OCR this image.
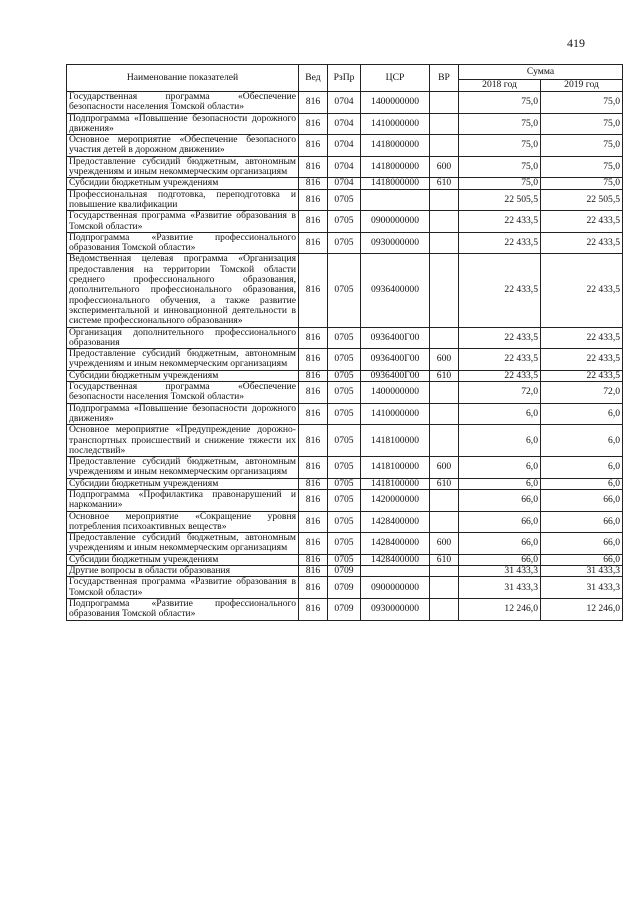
419
Наименование показателей	Вед	РзПр	ЦСР	ВР	Сумма	
					2018 год	2019 год
Государственная программа «Обеспечение безопасности населения Томской области»	816	0704	1400000000		75,0	75,0
Подпрограмма «Повышение безопасности дорожного движения»	816	0704	1410000000		75,0	75,0
Основное мероприятие «Обеспечение безопасного участия детей в дорожном движении»	816	0704	1418000000		75,0	75,0
Предоставление субсидий бюджетным, автономным учреждениям и иным некоммерческим организациям	816	0704	1418000000	600	75,0	75,0
Субсидии бюджетным учреждениям	816	0704	1418000000	610	75,0	75,0
Профессиональная подготовка, переподготовка и повышение квалификации	816	0705			22 505,5	22 505,5
Государственная программа «Развитие образования в Томской области»	816	0705	0900000000		22 433,5	22 433,5
Подпрограмма «Развитие профессионального образования Томской области»	816	0705	0930000000		22 433,5	22 433,5
Ведомственная целевая программа «Организация предоставления на территории Томской области среднего профессионального образования, дополнительного профессионального образования, профессионального обучения, а также развитие экспериментальной и инновационной деятельности в системе профессионального образования»	816	0705	0936400000		22 433,5	22 433,5
Организация дополнительного профессионального образования	816	0705	0936400Г00		22 433,5	22 433,5
Предоставление субсидий бюджетным, автономным учреждениям и иным некоммерческим организациям	816	0705	0936400Г00	600	22 433,5	22 433,5
Субсидии бюджетным учреждениям	816	0705	0936400Г00	610	22 433,5	22 433,5
Государственная программа «Обеспечение безопасности населения Томской области»	816	0705	1400000000		72,0	72,0
Подпрограмма «Повышение безопасности дорожного движения»	816	0705	1410000000		6,0	6,0
Основное мероприятие «Предупреждение дорожно-транспортных происшествий и снижение тяжести их последствий»	816	0705	1418100000		6,0	6,0
Предоставление субсидий бюджетным, автономным учреждениям и иным некоммерческим организациям	816	0705	1418100000	600	6,0	6,0
Субсидии бюджетным учреждениям	816	0705	1418100000	610	6,0	6,0
Подпрограмма «Профилактика правонарушений и наркомании»	816	0705	1420000000		66,0	66,0
Основное мероприятие «Сокращение уровня потребления психоактивных веществ»	816	0705	1428400000		66,0	66,0
Предоставление субсидий бюджетным, автономным учреждениям и иным некоммерческим организациям	816	0705	1428400000	600	66,0	66,0
Субсидии бюджетным учреждениям	816	0705	1428400000	610	66,0	66,0
Другие вопросы в области образования	816	0709			31 433,3	31 433,3
Государственная программа «Развитие образования в Томской области»	816	0709	0900000000		31 433,3	31 433,3
Подпрограмма «Развитие профессионального образования Томской области»	816	0709	0930000000		12 246,0	12 246,0
